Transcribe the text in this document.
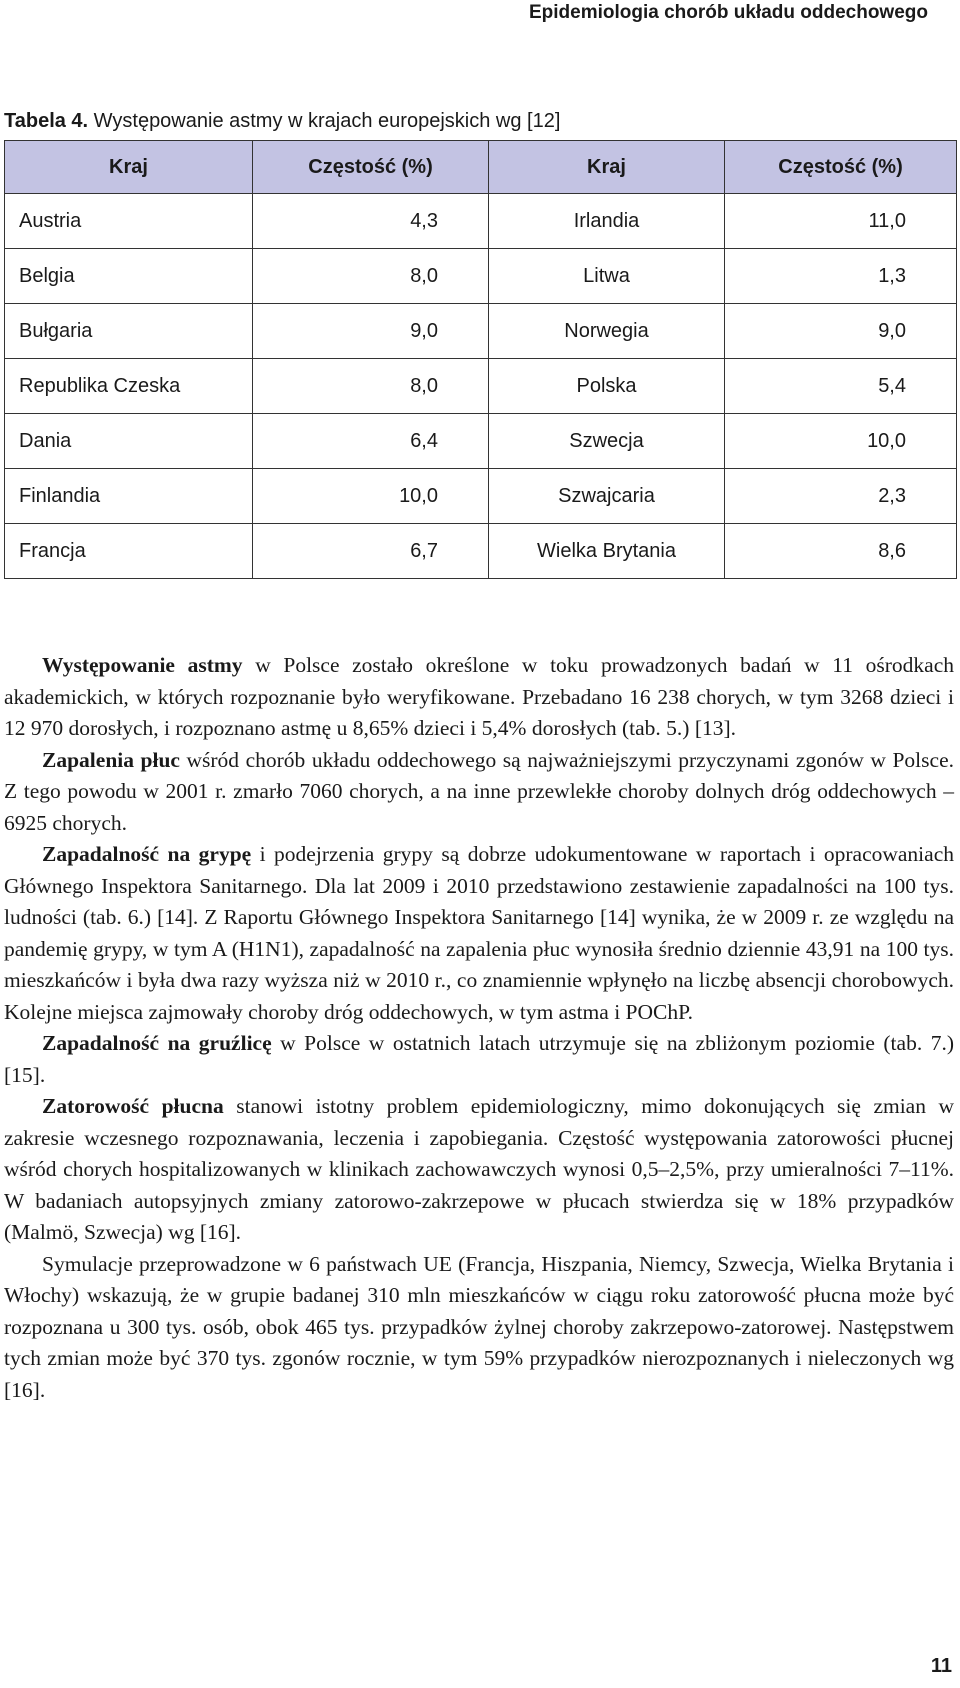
Epidemiologia chorób układu oddechowego
Tabela 4. Występowanie astmy w krajach europejskich wg [12]
Kraj	Częstość (%)	Kraj	Częstość (%)
Austria	4,3	Irlandia	11,0
Belgia	8,0	Litwa	1,3
Bułgaria	9,0	Norwegia	9,0
Republika Czeska	8,0	Polska	5,4
Dania	6,4	Szwecja	10,0
Finlandia	10,0	Szwajcaria	2,3
Francja	6,7	Wielka Brytania	8,6

Występowanie astmy w Polsce zostało określone w toku prowadzonych badań w 11 ośrodkach akademickich, w których rozpoznanie było weryfikowane. Przebadano 16 238 chorych, w tym 3268 dzieci i 12 970 dorosłych, i rozpoznano astmę u 8,65% dzieci i 5,4% dorosłych (tab. 5.) [13].

Zapalenia płuc wśród chorób układu oddechowego są najważniejszymi przyczynami zgonów w Polsce. Z tego powodu w 2001 r. zmarło 7060 chorych, a na inne przewlekłe choroby dolnych dróg oddechowych – 6925 chorych.

Zapadalność na grypę i podejrzenia grypy są dobrze udokumentowane w raportach i opracowaniach Głównego Inspektora Sanitarnego. Dla lat 2009 i 2010 przedstawiono zestawienie zapadalności na 100 tys. ludności (tab. 6.) [14]. Z Raportu Głównego Inspektora Sanitarnego [14] wynika, że w 2009 r. ze względu na pandemię grypy, w tym A (H1N1), zapadalność na zapalenia płuc wynosiła średnio dziennie 43,91 na 100 tys. mieszkańców i była dwa razy wyższa niż w 2010 r., co znamiennie wpłynęło na liczbę absencji chorobowych. Kolejne miejsca zajmowały choroby dróg oddechowych, w tym astma i POChP.

Zapadalność na gruźlicę w Polsce w ostatnich latach utrzymuje się na zbliżonym poziomie (tab. 7.) [15].

Zatorowość płucna stanowi istotny problem epidemiologiczny, mimo dokonujących się zmian w zakresie wczesnego rozpoznawania, leczenia i zapobiegania. Częstość występowania zatorowości płucnej wśród chorych hospitalizowanych w klinikach zachowawczych wynosi 0,5–2,5%, przy umieralności 7–11%. W badaniach autopsyjnych zmiany zatorowo-zakrzepowe w płucach stwierdza się w 18% przypadków (Malmö, Szwecja) wg [16].

Symulacje przeprowadzone w 6 państwach UE (Francja, Hiszpania, Niemcy, Szwecja, Wielka Brytania i Włochy) wskazują, że w grupie badanej 310 mln mieszkańców w ciągu roku zatorowość płucna może być rozpoznana u 300 tys. osób, obok 465 tys. przypadków żylnej choroby zakrzepowo-zatorowej. Następstwem tych zmian może być 370 tys. zgonów rocznie, w tym 59% przypadków nierozpoznanych i nieleczonych wg [16].

11
